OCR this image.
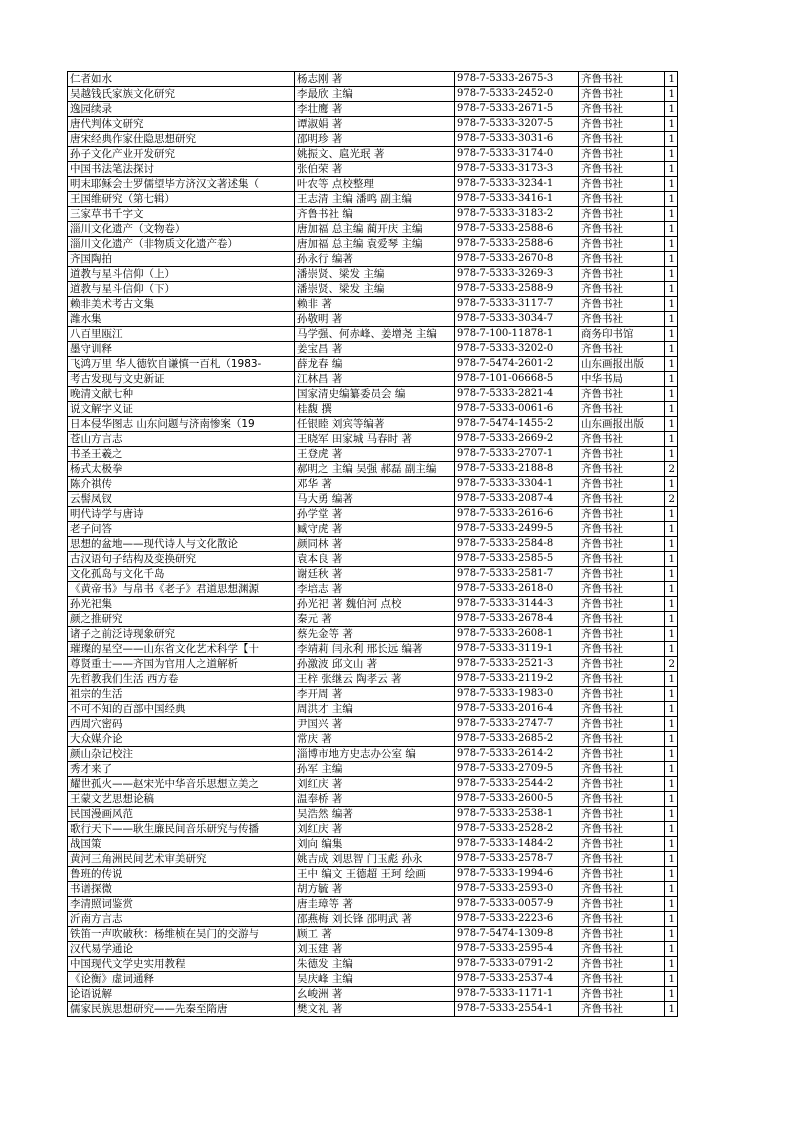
仁者如水	杨志刚 著	978-7-5333-2675-3	齐鲁书社	1
吴越钱氏家族文化研究	李最欣 主编	978-7-5333-2452-0	齐鲁书社	1
逸园续录	李壮鹰 著	978-7-5333-2671-5	齐鲁书社	1
唐代判体文研究	谭淑娟 著	978-7-5333-3207-5	齐鲁书社	1
唐宋经典作家仕隐思想研究	邵明珍 著	978-7-5333-3031-6	齐鲁书社	1
孙子文化产业开发研究	姚振文、扈光珉 著	978-7-5333-3174-0	齐鲁书社	1
中国书法笔法探讨	张伯荣 著	978-7-5333-3173-3	齐鲁书社	1
明末耶稣会士罗儒望毕方济汉文著述集（	叶农等 点校整理	978-7-5333-3234-1	齐鲁书社	1
王国维研究（第七辑）	王志清 主编 潘鸣 副主编	978-7-5333-3416-1	齐鲁书社	1
三家草书千字文	齐鲁书社 编	978-7-5333-3183-2	齐鲁书社	1
淄川文化遗产（文物卷）	唐加福 总主编 蔺开庆 主编	978-7-5333-2588-6	齐鲁书社	1
淄川文化遗产（非物质文化遗产卷）	唐加福 总主编 袁爱琴 主编	978-7-5333-2588-6	齐鲁书社	1
齐国陶拍	孙永行 编著	978-7-5333-2670-8	齐鲁书社	1
道教与星斗信仰（上）	潘崇贤、梁发 主编	978-7-5333-3269-3	齐鲁书社	1
道教与星斗信仰（下）	潘崇贤、梁发 主编	978-7-5333-2588-9	齐鲁书社	1
赖非美术考古文集	赖非 著	978-7-5333-3117-7	齐鲁书社	1
潍水集	孙敬明 著	978-7-5333-3034-7	齐鲁书社	1
八百里瓯江	马学强、何赤峰、姜增尧 主编	978-7-100-11878-1	商务印书馆	1
墨守训释	姜宝昌 著	978-7-5333-3202-0	齐鲁书社	1
飞鸿万里 华人德钦自谦慎一百札（1983-	薛龙春 编	978-7-5474-2601-2	山东画报出版	1
考古发现与文史新证	江林昌 著	978-7-101-06668-5	中华书局	1
晚清文献七种	国家清史编纂委员会 编	978-7-5333-2821-4	齐鲁书社	1
说文解字义证	桂馥 撰	978-7-5333-0061-6	齐鲁书社	1
日本侵华图志 山东问题与济南惨案（19	任银睦 刘宾等编著	978-7-5474-1455-2	山东画报出版	1
苍山方言志	王晓军 田家城 马春时 著	978-7-5333-2669-2	齐鲁书社	1
书圣王羲之	王登虎 著	978-7-5333-2707-1	齐鲁书社	1
杨式太极拳	郝明之 主编 吴强 郝磊 副主编	978-7-5333-2188-8	齐鲁书社	2
陈介祺传	邓华 著	978-7-5333-3304-1	齐鲁书社	1
云髻凤钗	马大勇 编著	978-7-5333-2087-4	齐鲁书社	2
明代诗学与唐诗	孙学堂 著	978-7-5333-2616-6	齐鲁书社	1
老子问答	臧守虎 著	978-7-5333-2499-5	齐鲁书社	1
思想的盆地——现代诗人与文化散论	颜同林 著	978-7-5333-2584-8	齐鲁书社	1
古汉语句子结构及变换研究	袁本良 著	978-7-5333-2585-5	齐鲁书社	1
文化孤岛与文化千岛	谢廷秋 著	978-7-5333-2581-7	齐鲁书社	1
《黄帝书》与帛书《老子》君道思想渊源	李培志 著	978-7-5333-2618-0	齐鲁书社	1
孙光祀集	孙光祀 著 魏伯河 点校	978-7-5333-3144-3	齐鲁书社	1
颜之推研究	秦元 著	978-7-5333-2678-4	齐鲁书社	1
诸子之前泛诗现象研究	蔡先金等 著	978-7-5333-2608-1	齐鲁书社	1
璀璨的星空——山东省文化艺术科学【十	李靖莉 闫永利 邢长远 编著	978-7-5333-3119-1	齐鲁书社	1
尊贤重士——齐国为官用人之道解析	孙激波 邱文山 著	978-7-5333-2521-3	齐鲁书社	2
先哲教我们生活 西方卷	王梓 张继云 陶孝云 著	978-7-5333-2119-2	齐鲁书社	1
祖宗的生活	李开周 著	978-7-5333-1983-0	齐鲁书社	1
不可不知的百部中国经典	周洪才 主编	978-7-5333-2016-4	齐鲁书社	1
西周穴密码	尹国兴 著	978-7-5333-2747-7	齐鲁书社	1
大众媒介论	常庆 著	978-7-5333-2685-2	齐鲁书社	1
颜山杂记校注	淄博市地方史志办公室 编	978-7-5333-2614-2	齐鲁书社	1
秀才来了	孙军 主编	978-7-5333-2709-5	齐鲁书社	1
耀世孤火——赵宋光中华音乐思想立美之	刘红庆 著	978-7-5333-2544-2	齐鲁书社	1
王蒙文艺思想论稿	温奉桥 著	978-7-5333-2600-5	齐鲁书社	1
民国漫画风范	吴浩然 编著	978-7-5333-2538-1	齐鲁书社	1
歌行天下——耿生廉民间音乐研究与传播	刘红庆 著	978-7-5333-2528-2	齐鲁书社	1
战国策	刘向 编集	978-7-5333-1484-2	齐鲁书社	1
黄河三角洲民间艺术审美研究	姚吉成 刘思智 门玉彪 孙永	978-7-5333-2578-7	齐鲁书社	1
鲁班的传说	王中 编文 王德超 王珂 绘画	978-7-5333-1994-6	齐鲁书社	1
书谱探微	胡方毓 著	978-7-5333-2593-0	齐鲁书社	1
李清照词鉴赏	唐圭璋等 著	978-7-5333-0057-9	齐鲁书社	1
沂南方言志	邵燕梅 刘长锋 邵明武 著	978-7-5333-2223-6	齐鲁书社	1
铁笛一声吹破秋：杨维桢在吴门的交游与	顾工 著	978-7-5474-1309-8	齐鲁书社	1
汉代易学通论	刘玉建 著	978-7-5333-2595-4	齐鲁书社	1
中国现代文学史实用教程	朱德发 主编	978-7-5333-0791-2	齐鲁书社	1
《论衡》虚词通释	吴庆峰 主编	978-7-5333-2537-4	齐鲁书社	1
论语说解	幺峻洲 著	978-7-5333-1171-1	齐鲁书社	1
儒家民族思想研究——先秦至隋唐	樊文礼 著	978-7-5333-2554-1	齐鲁书社	1
